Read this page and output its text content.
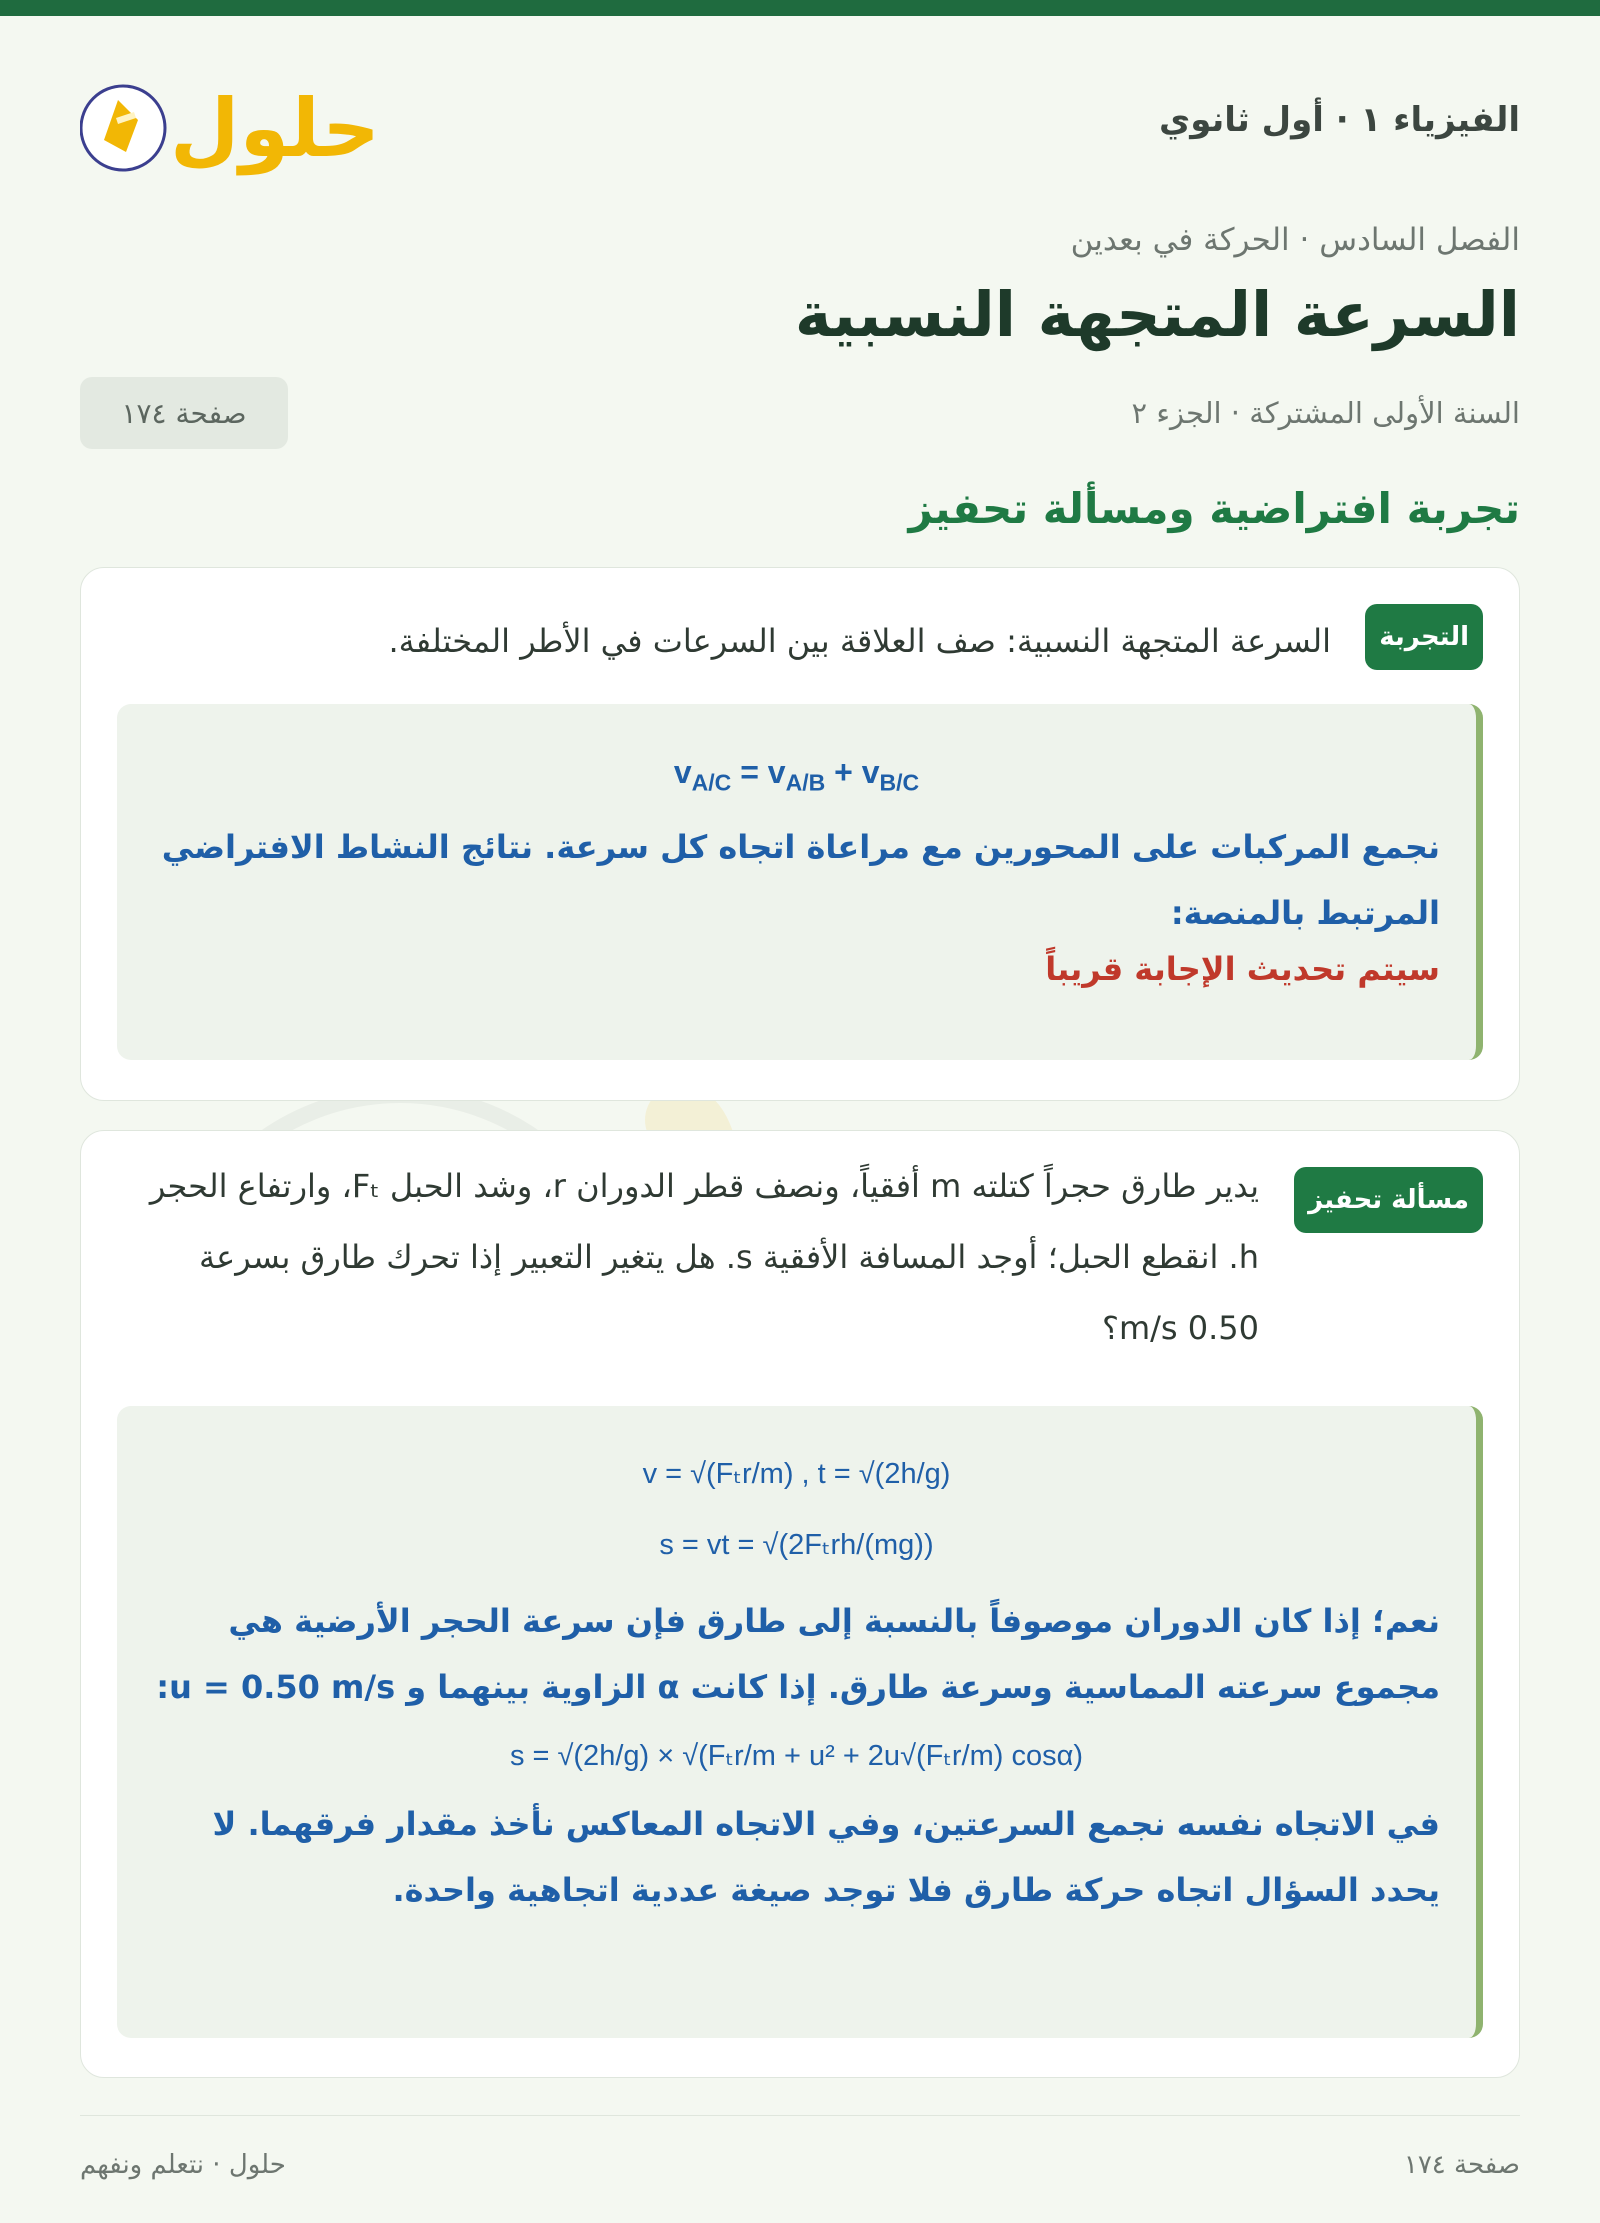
الفيزياء ١ · أول ثانوي
حلول
الفصل السادس · الحركة في بعدين
السرعة المتجهة النسبية
السنة الأولى المشتركة · الجزء ٢
صفحة ١٧٤
تجربة افتراضية ومسألة تحفيز
التجربة
السرعة المتجهة النسبية: صف العلاقة بين السرعات في الأطر المختلفة.
$v_{A/C} = v_{A/B} + v_{B/C}$
نجمع المركبات على المحورين مع مراعاة اتجاه كل سرعة. نتائج النشاط الافتراضي المرتبط بالمنصة:
سيتم تحديث الإجابة قريباً
مسألة تحفيز
يدير طارق حجراً كتلته m أفقياً، ونصف قطر الدوران r، وشد الحبل Fₜ، وارتفاع الحجر h. انقطع الحبل؛ أوجد المسافة الأفقية s. هل يتغير التعبير إذا تحرك طارق بسرعة 0.50 m/s؟
v = √(Fₜr/m) , t = √(2h/g)
s = vt = √(2Fₜrh/(mg))
نعم؛ إذا كان الدوران موصوفاً بالنسبة إلى طارق فإن سرعة الحجر الأرضية هي مجموع سرعته المماسية وسرعة طارق. إذا كانت α الزاوية بينهما و u = 0.50 m/s:
s = √(2h/g) × √(Fₜr/m + u² + 2u√(Fₜr/m) cosα)
في الاتجاه نفسه نجمع السرعتين، وفي الاتجاه المعاكس نأخذ مقدار فرقهما. لا يحدد السؤال اتجاه حركة طارق فلا توجد صيغة عددية اتجاهية واحدة.
صفحة ١٧٤
حلول · نتعلم ونفهم
